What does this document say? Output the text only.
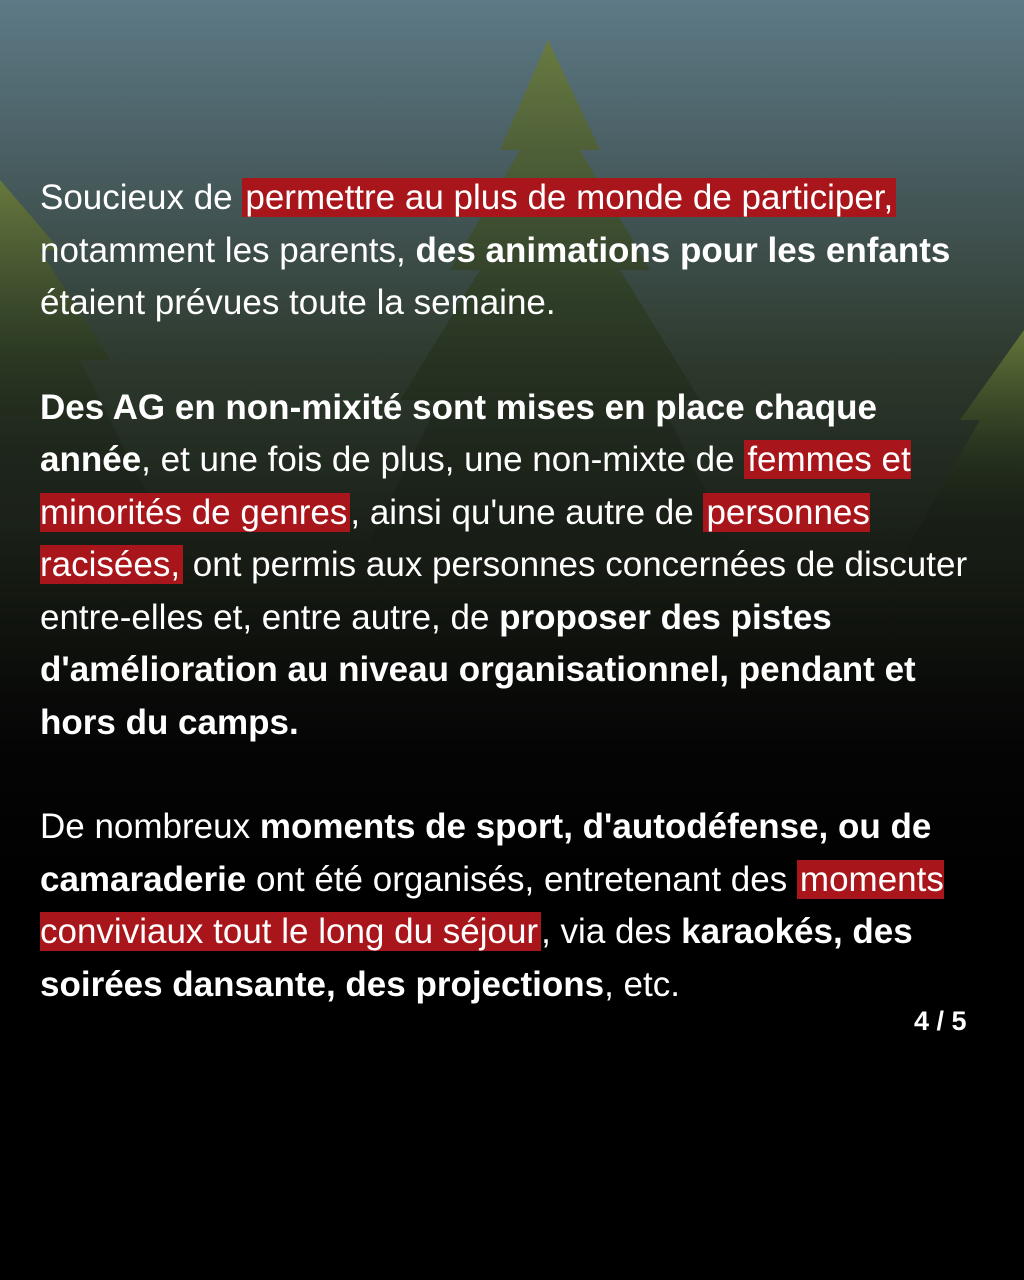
Soucieux de permettre au plus de monde de participer, notamment les parents, des animations pour les enfants étaient prévues toute la semaine.

Des AG en non-mixité sont mises en place chaque année, et une fois de plus, une non-mixte de femmes et minorités de genres, ainsi qu'une autre de personnes racisées, ont permis aux personnes concernées de discuter entre-elles et, entre autre, de proposer des pistes d'amélioration au niveau organisationnel, pendant et hors du camps.

De nombreux moments de sport, d'autodéfense, ou de camaraderie ont été organisés, entretenant des moments conviviaux tout le long du séjour, via des karaokés, des soirées dansante, des projections, etc.

4 / 5
